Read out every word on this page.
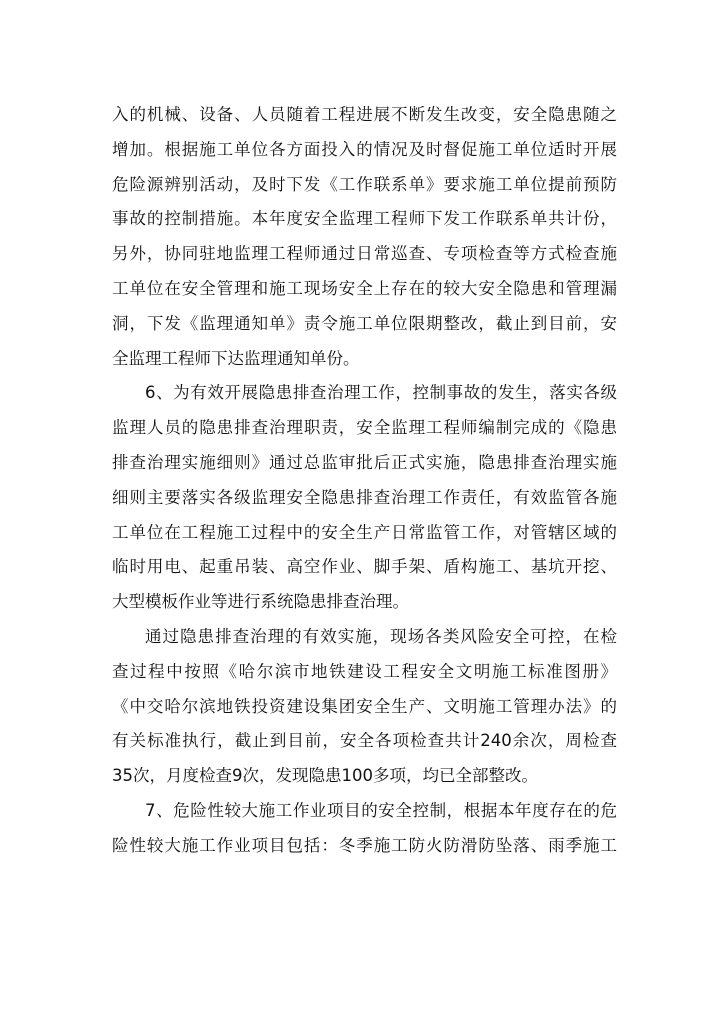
入的机械、设备、人员随着工程进展不断发生改变，安全隐患随之
增加。根据施工单位各方面投入的情况及时督促施工单位适时开展
危险源辨别活动，及时下发《工作联系单》要求施工单位提前预防
事故的控制措施。本年度安全监理工程师下发工作联系单共计份，
另外，协同驻地监理工程师通过日常巡查、专项检查等方式检查施
工单位在安全管理和施工现场安全上存在的较大安全隐患和管理漏
洞，下发《监理通知单》责令施工单位限期整改，截止到目前，安
全监理工程师下达监理通知单份。
6、为有效开展隐患排查治理工作，控制事故的发生，落实各级
监理人员的隐患排查治理职责，安全监理工程师编制完成的《隐患
排查治理实施细则》通过总监审批后正式实施，隐患排查治理实施
细则主要落实各级监理安全隐患排查治理工作责任，有效监管各施
工单位在工程施工过程中的安全生产日常监管工作，对管辖区域的
临时用电、起重吊装、高空作业、脚手架、盾构施工、基坑开挖、
大型模板作业等进行系统隐患排查治理。
通过隐患排查治理的有效实施，现场各类风险安全可控，在检
查过程中按照《哈尔滨市地铁建设工程安全文明施工标准图册》
《中交哈尔滨地铁投资建设集团安全生产、文明施工管理办法》的
有关标准执行，截止到目前，安全各项检查共计240余次，周检查
35次，月度检查9次，发现隐患100多项，均已全部整改。
7、危险性较大施工作业项目的安全控制，根据本年度存在的危
险性较大施工作业项目包括：冬季施工防火防滑防坠落、雨季施工
